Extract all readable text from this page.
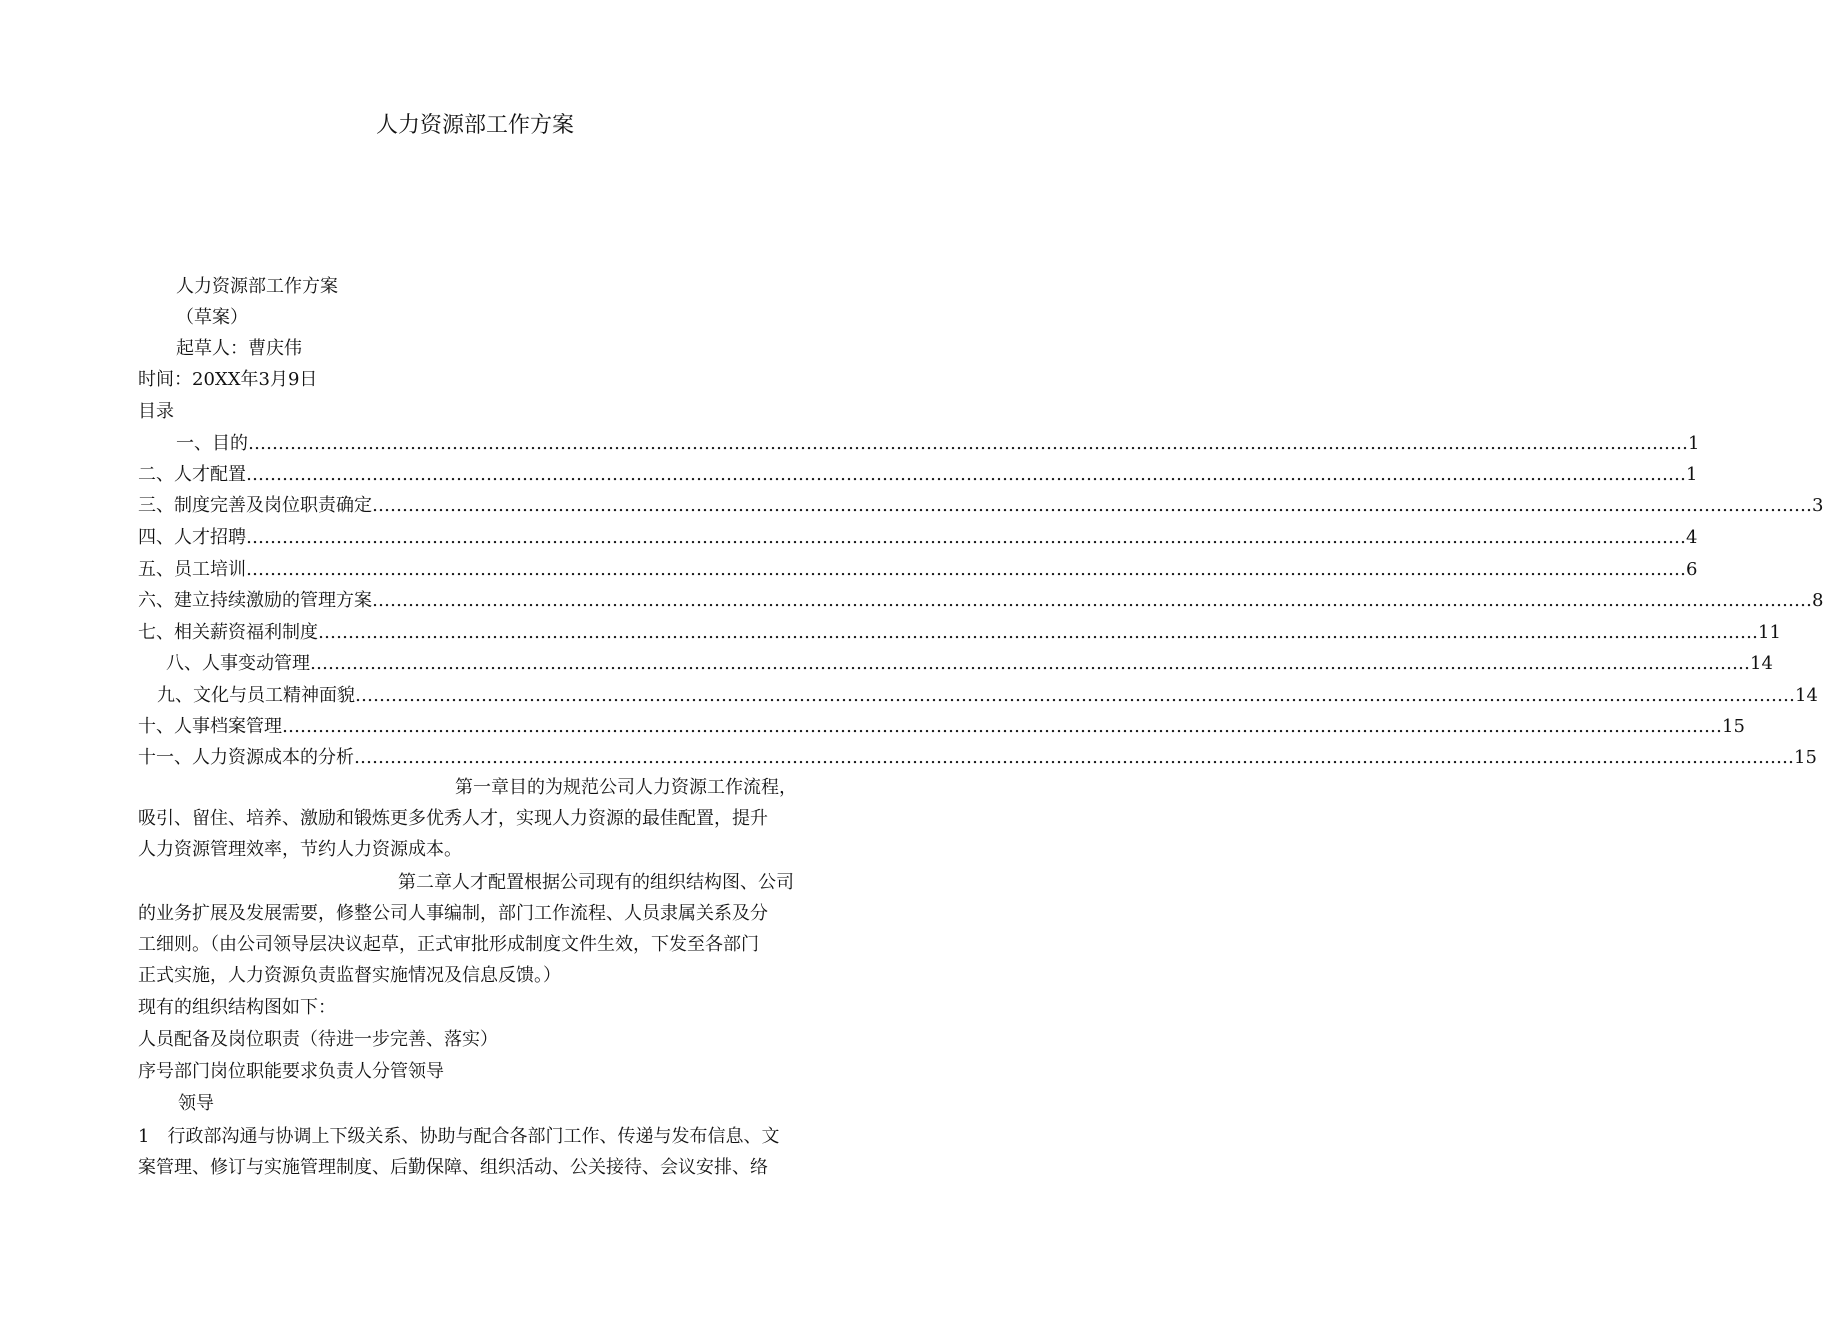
人力资源部工作方案
人力资源部工作方案
（草案）
起草人：曹庆伟
时间：20XX年3月9日
目录
一、目的 …………………………………………………………………………………………………………………………………………………………………………………………………………………… 1
二、人才配置 …………………………………………………………………………………………………………………………………………………………………………………………………………………… 1
三、制度完善及岗位职责确定 …………………………………………………………………………………………………………………………………………………………………………………………………………………… 3
四、人才招聘 …………………………………………………………………………………………………………………………………………………………………………………………………………………… 4
五、员工培训 …………………………………………………………………………………………………………………………………………………………………………………………………………………… 6
六、建立持续激励的管理方案 …………………………………………………………………………………………………………………………………………………………………………………………………………………… 8
七、相关薪资福利制度 …………………………………………………………………………………………………………………………………………………………………………………………………………………… 11
八、人事变动管理 …………………………………………………………………………………………………………………………………………………………………………………………………………………… 14
九、文化与员工精神面貌 …………………………………………………………………………………………………………………………………………………………………………………………………………………… 14
十、人事档案管理 …………………………………………………………………………………………………………………………………………………………………………………………………………………… 15
十一、人力资源成本的分析 …………………………………………………………………………………………………………………………………………………………………………………………………………………… 15
第一章目的为规范公司人力资源工作流程，
吸引、留住、培养、激励和锻炼更多优秀人才，实现人力资源的最佳配置，提升
人力资源管理效率，节约人力资源成本。
第二章人才配置根据公司现有的组织结构图、公司
的业务扩展及发展需要，修整公司人事编制，部门工作流程、人员隶属关系及分
工细则。（由公司领导层决议起草，正式审批形成制度文件生效，下发至各部门
正式实施，人力资源负责监督实施情况及信息反馈。）
现有的组织结构图如下：
人员配备及岗位职责（待进一步完善、落实）
序号部门岗位职能要求负责人分管领导
领导
1　行政部沟通与协调上下级关系、协助与配合各部门工作、传递与发布信息、文
案管理、修订与实施管理制度、后勤保障、组织活动、公关接待、会议安排、络
